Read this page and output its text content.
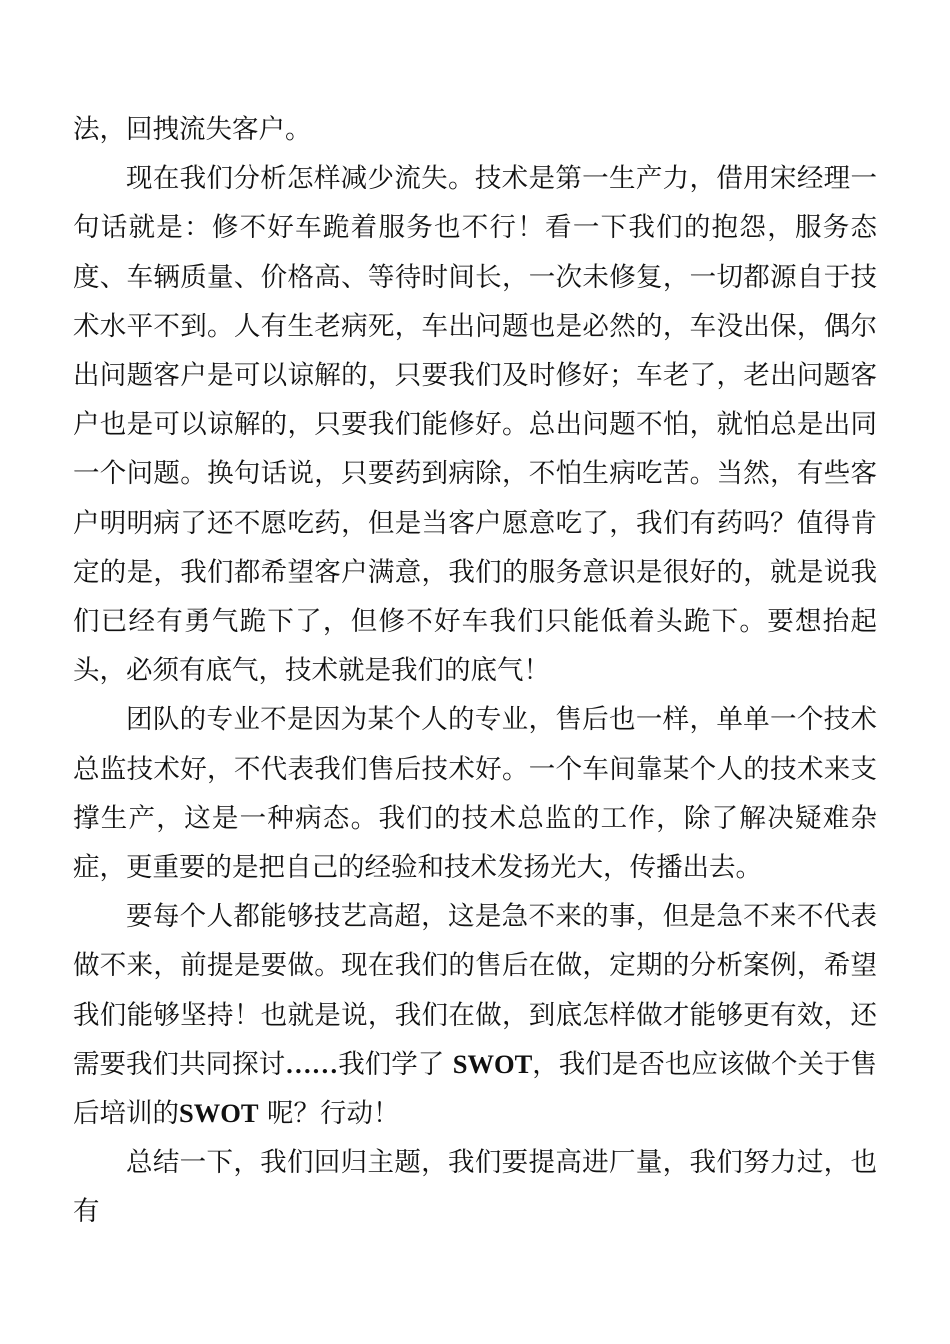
法，回拽流失客户。

现在我们分析怎样减少流失。技术是第一生产力，借用宋经理一句话就是：修不好车跪着服务也不行！看一下我们的抱怨，服务态度、车辆质量、价格高、等待时间长，一次未修复，一切都源自于技术水平不到。人有生老病死，车出问题也是必然的，车没出保，偶尔出问题客户是可以谅解的，只要我们及时修好；车老了，老出问题客户也是可以谅解的，只要我们能修好。总出问题不怕，就怕总是出同一个问题。换句话说，只要药到病除，不怕生病吃苦。当然，有些客户明明病了还不愿吃药，但是当客户愿意吃了，我们有药吗？值得肯定的是，我们都希望客户满意，我们的服务意识是很好的，就是说我们已经有勇气跪下了，但修不好车我们只能低着头跪下。要想抬起头，必须有底气，技术就是我们的底气！

团队的专业不是因为某个人的专业，售后也一样，单单一个技术总监技术好，不代表我们售后技术好。一个车间靠某个人的技术来支撑生产，这是一种病态。我们的技术总监的工作，除了解决疑难杂症，更重要的是把自己的经验和技术发扬光大，传播出去。

要每个人都能够技艺高超，这是急不来的事，但是急不来不代表做不来，前提是要做。现在我们的售后在做，定期的分析案例，希望我们能够坚持！也就是说，我们在做，到底怎样做才能够更有效，还需要我们共同探讨……我们学了 SWOT，我们是否也应该做个关于售后培训的SWOT 呢？行动！

总结一下，我们回归主题，我们要提高进厂量，我们努力过，也有
